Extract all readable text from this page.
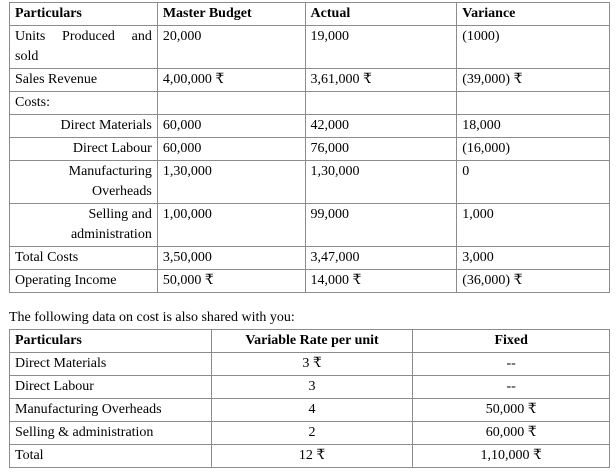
Particulars	Master Budget	Actual	Variance

Units Produced and
sold	20,000	19,000	(1000)
Sales Revenue	4,00,000 ₹	3,61,000 ₹	(39,000) ₹
Costs:			
Direct Materials	60,000	42,000	18,000
Direct Labour	60,000	76,000	(16,000)

Manufacturing
Overheads	1,30,000	1,30,000	0

Selling and
administration	1,00,000	99,000	1,000
Total Costs	3,50,000	3,47,000	3,000
Operating Income	50,000 ₹	14,000 ₹	(36,000) ₹

The following data on cost is also shared with you:

Particulars	Variable Rate per unit	Fixed
Direct Materials	3 ₹	--
Direct Labour	3	--
Manufacturing Overheads	4	50,000 ₹
Selling & administration	2	60,000 ₹
Total	12 ₹	1,10,000 ₹
